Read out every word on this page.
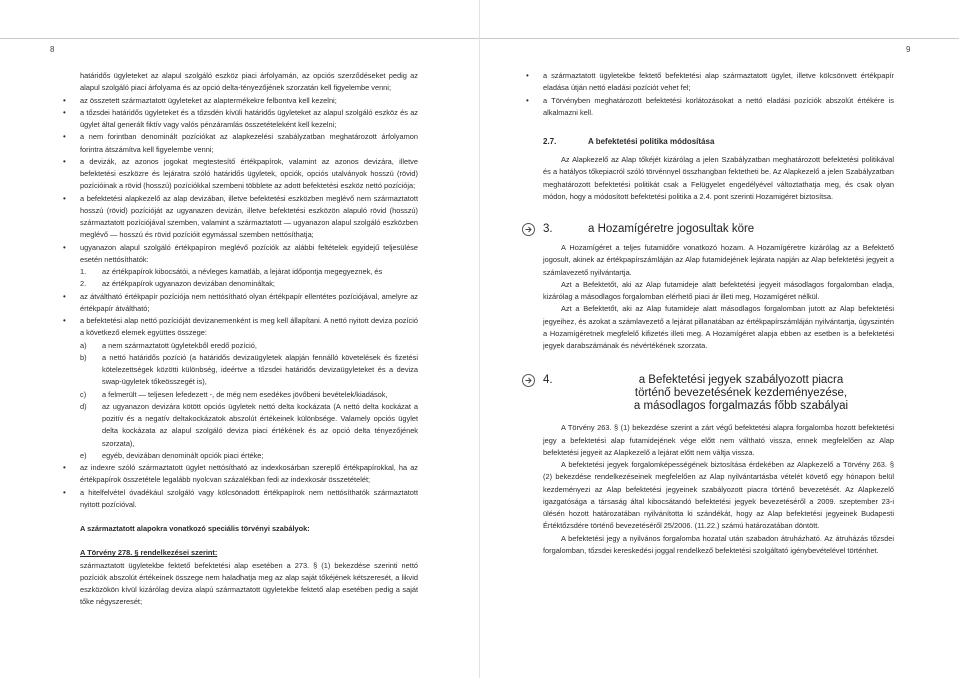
8

határidős ügyleteket az alapul szolgáló eszköz piaci árfolyamán, az opciós szerződéseket pedig az alapul szolgáló piaci árfolyama és az opció delta-tényezőjének szorzatán kell figyelembe venni;

• az összetett származtatott ügyleteket az alaptermékekre felbontva kell kezelni;

• a tőzsdei határidős ügyleteket és a tőzsdén kívüli határidős ügyleteket az alapul szolgáló eszköz és az ügylet által generált fiktív vagy valós pénzáramlás összetételeként kell kezelni;

• a nem forintban denominált pozíciókat az alapkezelési szabályzatban meghatározott árfolyamon forintra átszámítva kell figyelembe venni;

• a devizák, az azonos jogokat megtestesítő értékpapírok, valamint az azonos devizára, illetve befektetési eszközre és lejáratra szóló határidős ügyletek, opciók, opciós utalványok hosszú (rövid) pozícióinak a rövid (hosszú) pozíciókkal szembeni többlete az adott befektetési eszköz nettó pozíciója;

• a befektetési alapkezelő az alap devizában, illetve befektetési eszközben meglévő nem származtatott hosszú (rövid) pozícióját az ugyanazen devizán, illetve befektetési eszközön alapuló rövid (hosszú) származtatott pozíciójával szemben, valamint a származtatott — ugyanazon alapul szolgáló eszközben meglévő — hosszú és rövid pozícióit egymással szemben nettósíthatja;

• ugyanazon alapul szolgáló értékpapíron meglévő pozíciók az alábbi feltételek egyidejű teljesülése esetén nettósíthatók:

1. az értékpapírok kibocsátói, a névleges kamatláb, a lejárat időpontja megegyeznek, és

2. az értékpapírok ugyanazon devizában denomináltak;

• az átváltható értékpapír pozíciója nem nettósítható olyan értékpapír ellentétes pozíciójával, amelyre az értékpapír átváltható;

• a befektetési alap nettó pozícióját devizanemenként is meg kell állapítani. A nettó nyitott deviza pozíció a következő elemek együttes összege:

a) a nem származtatott ügyletekből eredő pozíció,

b) a nettó határidős pozíció (a határidős devizaügyletek alapján fennálló követelések és fizetési kötelezettségek közötti különbség, ideértve a tőzsdei határidős devizaügyleteket és a deviza swap-ügyletek tőkeösszegét is),

c) a felmerült — teljesen lefedezett -, de még nem esedékes jövőbeni bevételek/kiadások,

d) az ugyanazon devizára kötött opciós ügyletek nettó delta kockázata (A nettó delta kockázat a pozitív és a negatív deltakockázatok abszolút értékeinek különbsége. Valamely opciós ügylet delta kockázata az alapul szolgáló deviza piaci értékének és az opció delta tényezőjének szorzata),

e) egyéb, devizában denominált opciók piaci értéke;

• az indexre szóló származtatott ügylet nettósítható az indexkosárban szereplő értékpapírokkal, ha az értékpapírok összetétele legalább nyolcvan százalékban fedi az indexkosár összetételét;

• a hitelfelvétel óvadékául szolgáló vagy kölcsönadott értékpapírok nem nettósíthatók származtatott nyitott pozícióval.

A származtatott alapokra vonatkozó speciális törvényi szabályok:

A Törvény 278. § rendelkezései szerint:

származtatott ügyletekbe fektető befektetési alap esetében a 273. § (1) bekezdése szerinti nettó pozíciók abszolút értékeinek összege nem haladhatja meg az alap saját tőkéjének kétszeresét, a likvid eszközökön kívül kizárólag deviza alapú származtatott ügyletekbe fektető alap esetében pedig a saját tőke négyszeresét;

9

• a származtatott ügyletekbe fektető befektetési alap származtatott ügylet, illetve kölcsönvett értékpapír eladása útján nettó eladási pozíciót vehet fel;

• a Törvényben meghatározott befektetési korlátozásokat a nettó eladási pozíciók abszolút értékére is alkalmazni kell.

2.7.	A befektetési politika módosítása

Az Alapkezelő az Alap tőkéjét kizárólag a jelen Szabályzatban meghatározott befektetési politikával és a hatályos tőkepiacról szóló törvénnyel összhangban fektetheti be. Az Alapkezelő a jelen Szabályzatban meghatározott befektetési politikát csak a Felügyelet engedélyével változtathatja meg, és csak olyan módon, hogy a módosított befektetési politika a 2.4. pont szerinti Hozamigéret biztosítsa.

3.	a Hozamígéretre jogosultak köre

A Hozamígéret a teljes futamidőre vonatkozó hozam. A Hozamígéretre kizárólag az a Befektető jogosult, akinek az értékpapírszámláján az Alap futamidejének lejárata napján az Alap befektetési jegyeit a számlavezető nyilvántartja.

Azt a Befektetőt, aki az Alap futamideje alatt befektetési jegyeit másodlagos forgalomban eladja, kizárólag a másodlagos forgalomban elérhető piaci ár illeti meg, Hozamígéret nélkül.

Azt a Befektetőt, aki az Alap futamideje alatt másodlagos forgalomban jutott az Alap befektetési jegyeihez, és azokat a számlavezető a lejárat pillanatában az értékpapírszámláján nyilvántartja, úgyszintén a Hozamígéretnek megfelelő kifizetés illeti meg. A Hozamígéret alapja ebben az esetben is a befektetési jegyek darabszámának és névértékének szorzata.

4.	a Befektetési jegyek szabályozott piacra
történő bevezetésének kezdeményezése,
a másodlagos forgalmazás főbb szabályai

A Törvény 263. § (1) bekezdése szerint a zárt végű befektetési alapra forgalomba hozott befektetési jegy a befektetési alap futamidejének vége előtt nem váltható vissza, ennek megfelelően az Alap befektetési jegyeit az Alapkezelő a lejárat előtt nem váltja vissza.

A befektetési jegyek forgalomképességének biztosítása érdekében az Alapkezelő a Törvény 263. § (2) bekezdése rendelkezéseinek megfelelően az Alap nyilvántartásba vételét követő egy hónapon belül kezdeményezi az Alap befektetési jegyeinek szabályozott piacra történő bevezetését. Az Alapkezelő igazgatósága a társaság által kibocsátandó befektetési jegyek bevezetéséről a 2009. szeptember 23-i ülésén hozott határozatában nyilvánította ki szándékát, hogy az Alap befektetési jegyeinek Budapesti Értéktőzsdére történő bevezetéséről 25/2006. (11.22.) számú határozatában döntött.

A befektetési jegy a nyilvános forgalomba hozatal után szabadon átruházható. Az átruházás tőzsdei forgalomban, tőzsdei kereskedési joggal rendelkező befektetési szolgáltató igénybevételével történhet.
